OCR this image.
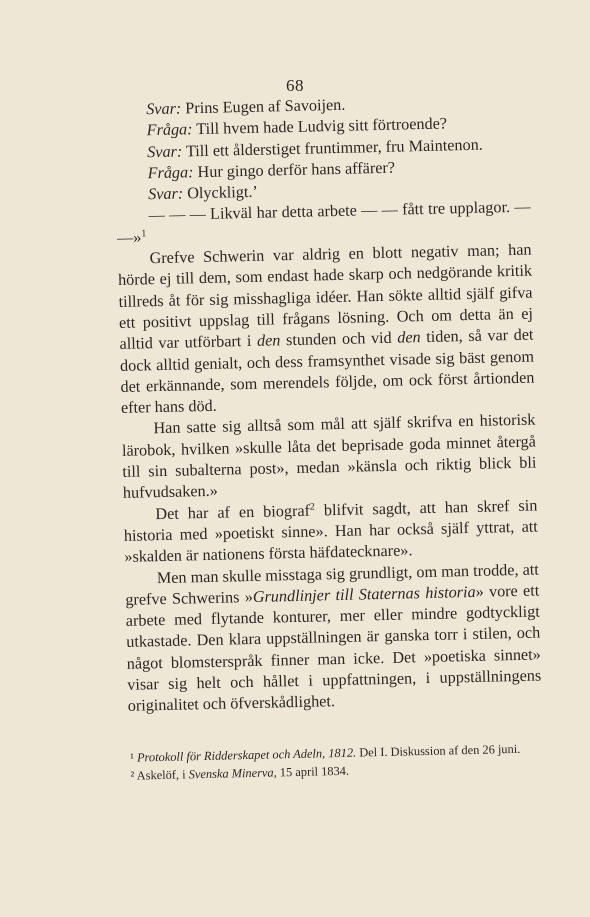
68

Svar: Prins Eugen af Savoijen.

Fråga: Till hvem hade Ludvig sitt förtroende?

Svar: Till ett ålderstiget fruntimmer, fru Maintenon.

Fråga: Hur gingo derför hans affärer?

Svar: Olyckligt.’

— — — Likväl har detta arbete — — fått tre upplagor. — —»$^1$

Grefve Schwerin var aldrig en blott negativ man; han hörde ej till dem, som endast hade skarp och nedgörande kritik tillreds åt för sig misshagliga idéer. Han sökte alltid själf gifva ett positivt uppslag till frågans lösning. Och om detta än ej alltid var utförbart i den stunden och vid den tiden, så var det dock alltid genialt, och dess framsynthet visade sig bäst genom det erkännande, som merendels följde, om ock först årtionden efter hans död.

Han satte sig alltså som mål att själf skrifva en historisk lärobok, hvilken »skulle låta det beprisade goda minnet återgå till sin subalterna post», medan »känsla och riktig blick bli hufvudsaken.»

Det har af en biograf$^2$ blifvit sagdt, att han skref sin historia med »poetiskt sinne». Han har också själf yttrat, att »skalden är nationens första häfdatecknare».

Men man skulle misstaga sig grundligt, om man trodde, att grefve Schwerins »Grundlinjer till Staternas historia» vore ett arbete med flytande konturer, mer eller mindre godtyckligt utkastade. Den klara uppställningen är ganska torr i stilen, och något blomsterspråk finner man icke. Det »poetiska sinnet» visar sig helt och hållet i uppfattningen, i uppställningens originalitet och öfverskådlighet.

¹ Protokoll för Ridderskapet och Adeln, 1812. Del I. Diskussion af den 26 juni.

² Askelöf, i Svenska Minerva, 15 april 1834.
